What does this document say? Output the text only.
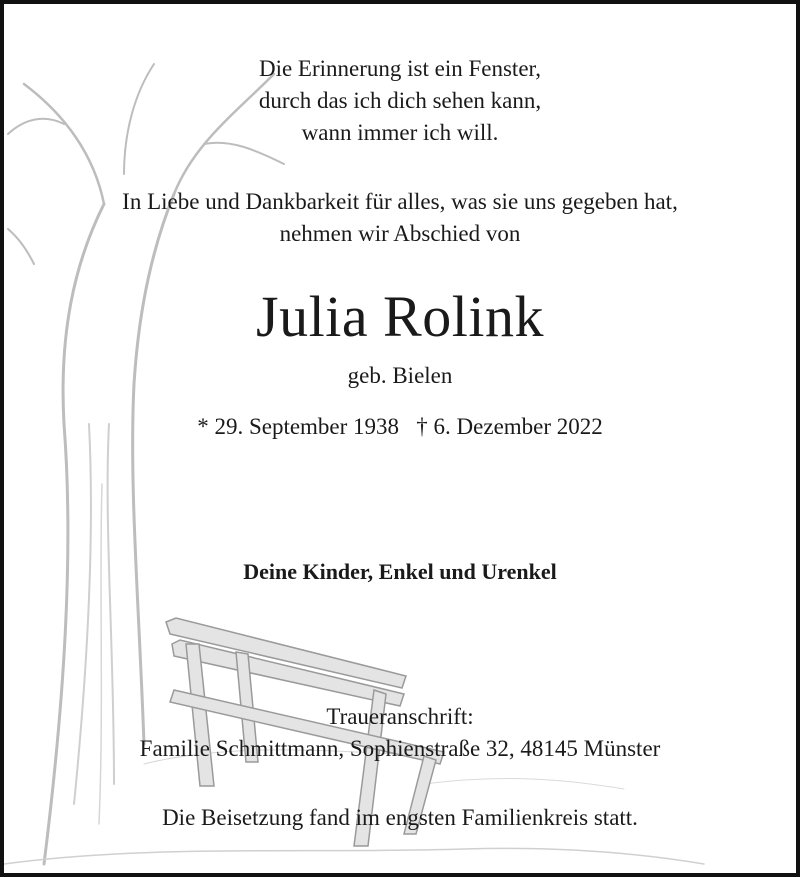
Die Erinnerung ist ein Fenster,
durch das ich dich sehen kann,
wann immer ich will.
In Liebe und Dankbarkeit für alles, was sie uns gegeben hat,
nehmen wir Abschied von
Julia Rolink
geb. Bielen
* 29. September 1938   † 6. Dezember 2022
Deine Kinder, Enkel und Urenkel
Traueranschrift:
Familie Schmittmann, Sophienstraße 32, 48145 Münster
Die Beisetzung fand im engsten Familienkreis statt.
